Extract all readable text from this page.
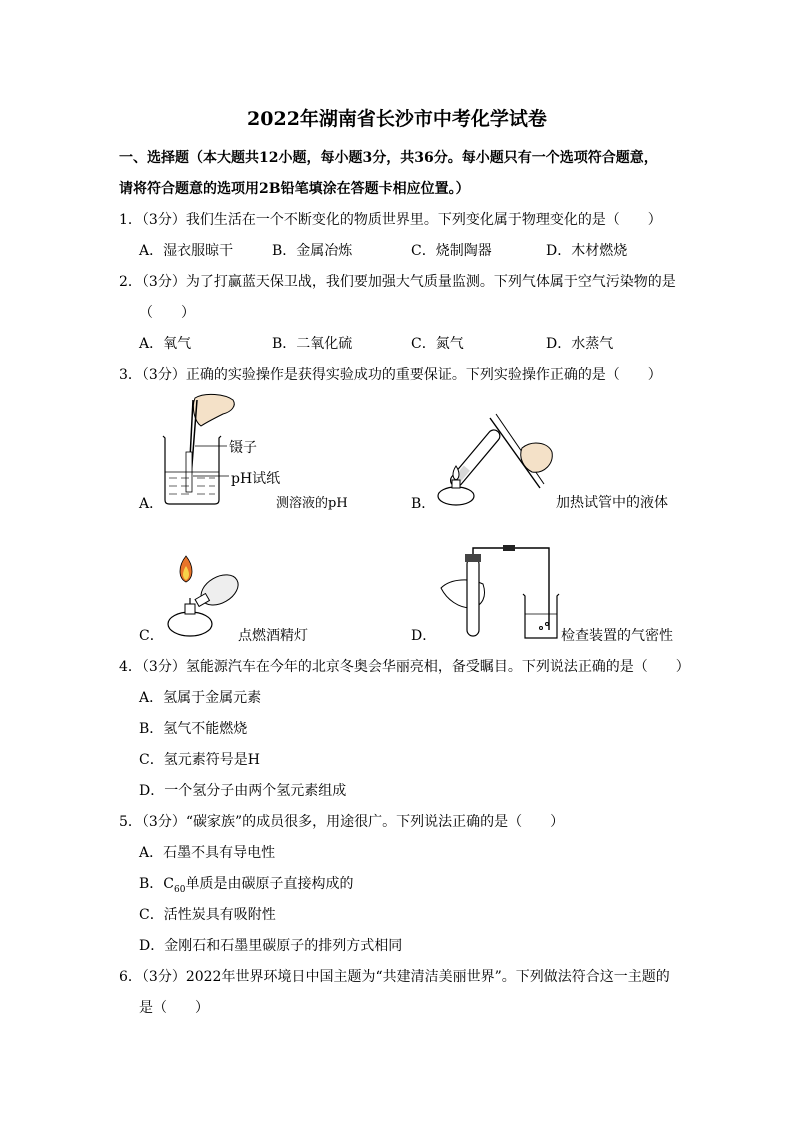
2022年湖南省长沙市中考化学试卷
一、选择题（本大题共12小题，每小题3分，共36分。每小题只有一个选项符合题意，
请将符合题意的选项用2B铅笔填涂在答题卡相应位置。）
1．（3分）我们生活在一个不断变化的物质世界里。下列变化属于物理变化的是（　　）
A．湿衣服晾干	B．金属冶炼	C．烧制陶器	D．木材燃烧
2．（3分）为了打赢蓝天保卫战，我们要加强大气质量监测。下列气体属于空气污染物的是
（　　）
A．氧气	B．二氧化硫	C．氮气	D．水蒸气
3．（3分）正确的实验操作是获得实验成功的重要保证。下列实验操作正确的是（　　）
镊子
pH试纸
A．	测溶液的pH	B．	加热试管中的液体
C．	点燃酒精灯	D．	检查装置的气密性
4．（3分）氢能源汽车在今年的北京冬奥会华丽亮相，备受瞩目。下列说法正确的是（　　）
A．氢属于金属元素
B．氢气不能燃烧
C．氢元素符号是H
D．一个氢分子由两个氢元素组成
5．（3分）“碳家族”的成员很多，用途很广。下列说法正确的是（　　）
A．石墨不具有导电性
B．$C_{60}$单质是由碳原子直接构成的
C．活性炭具有吸附性
D．金刚石和石墨里碳原子的排列方式相同
6．（3分）2022年世界环境日中国主题为“共建清洁美丽世界”。下列做法符合这一主题的
是（　　）
